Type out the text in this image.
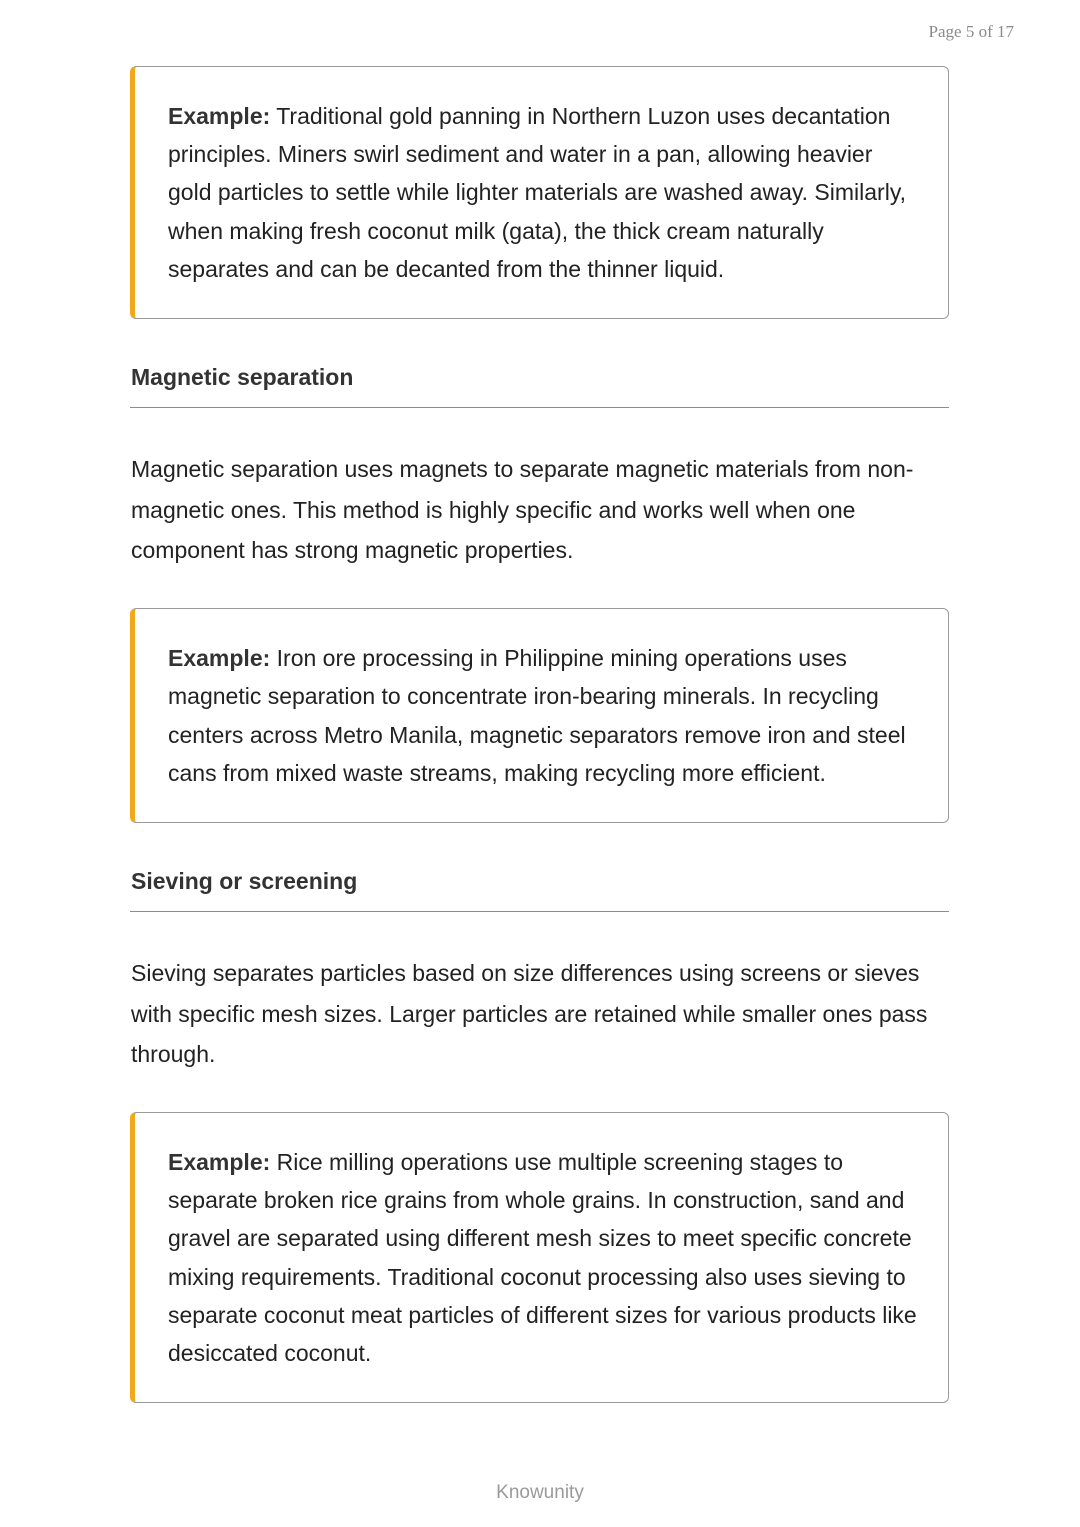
Page 5 of 17

Example: Traditional gold panning in Northern Luzon uses decantation principles. Miners swirl sediment and water in a pan, allowing heavier gold particles to settle while lighter materials are washed away. Similarly, when making fresh coconut milk (gata), the thick cream naturally separates and can be decanted from the thinner liquid.

Magnetic separation

Magnetic separation uses magnets to separate magnetic materials from non-magnetic ones. This method is highly specific and works well when one component has strong magnetic properties.

Example: Iron ore processing in Philippine mining operations uses magnetic separation to concentrate iron-bearing minerals. In recycling centers across Metro Manila, magnetic separators remove iron and steel cans from mixed waste streams, making recycling more efficient.

Sieving or screening

Sieving separates particles based on size differences using screens or sieves with specific mesh sizes. Larger particles are retained while smaller ones pass through.

Example: Rice milling operations use multiple screening stages to separate broken rice grains from whole grains. In construction, sand and gravel are separated using different mesh sizes to meet specific concrete mixing requirements. Traditional coconut processing also uses sieving to separate coconut meat particles of different sizes for various products like desiccated coconut.

Knowunity
